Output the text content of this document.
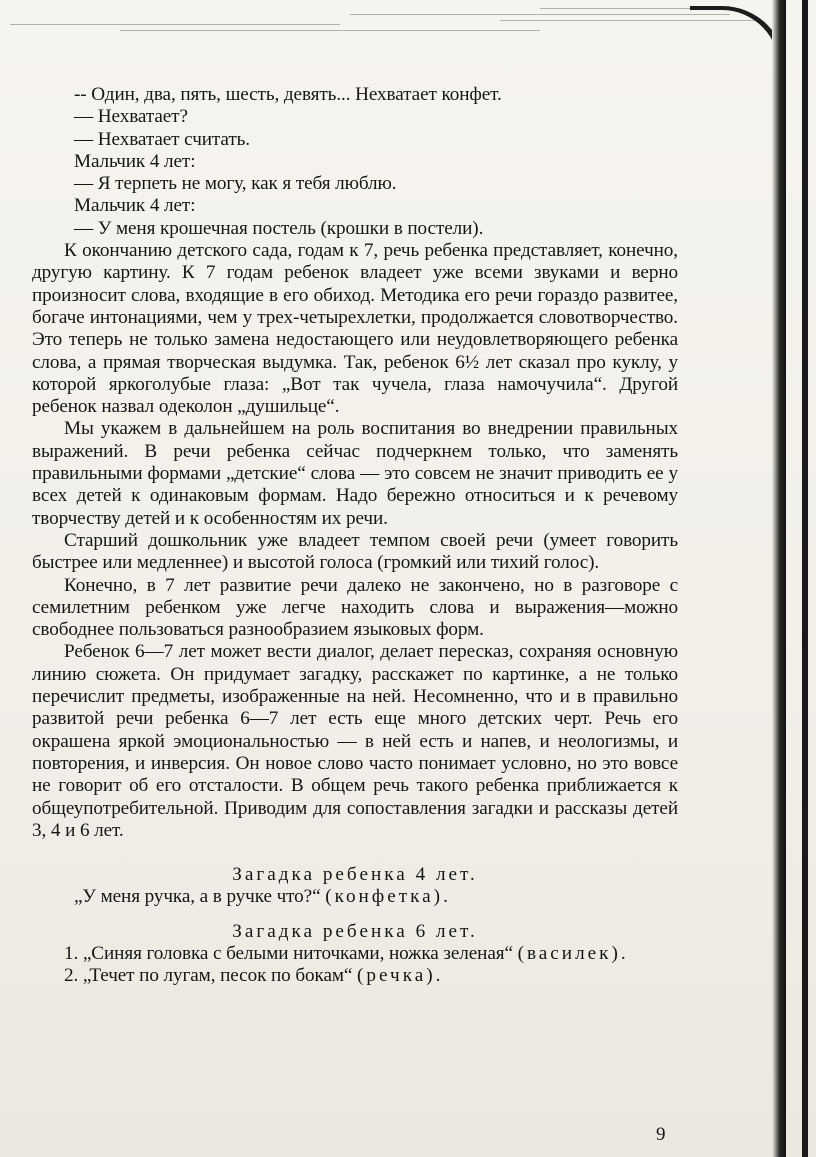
-- Один, два, пять, шесть, девять... Нехватает конфет.

— Нехватает?

— Нехватает считать.

Мальчик 4 лет:

— Я терпеть не могу, как я тебя люблю.

Мальчик 4 лет:

— У меня крошечная постель (крошки в постели).

К окончанию детского сада, годам к 7, речь ребенка представляет, конечно, другую картину. К 7 годам ребенок владеет уже всеми звуками и верно произносит слова, входящие в его обиход. Методика его речи гораздо развитее, богаче интонациями, чем у трех-четырехлетки, продолжается словотворчество. Это теперь не только замена недостающего или неудовлетворяющего ребенка слова, а прямая творческая выдумка. Так, ребенок 6½ лет сказал про куклу, у которой яркоголубые глаза: „Вот так чучела, глаза намочучила“. Другой ребенок назвал одеколон „душильце“.

Мы укажем в дальнейшем на роль воспитания во внедрении правильных выражений. В речи ребенка сейчас подчеркнем только, что заменять правильными формами „детские“ слова — это совсем не значит приводить ее у всех детей к одинаковым формам. Надо бережно относиться и к речевому творчеству детей и к особенностям их речи.

Старший дошкольник уже владеет темпом своей речи (умеет говорить быстрее или медленнее) и высотой голоса (громкий или тихий голос).

Конечно, в 7 лет развитие речи далеко не закончено, но в разговоре с семилетним ребенком уже легче находить слова и выражения—можно свободнее пользоваться разнообразием языковых форм.

Ребенок 6—7 лет может вести диалог, делает пересказ, сохраняя основную линию сюжета. Он придумает загадку, расскажет по картинке, а не только перечислит предметы, изображенные на ней. Несомненно, что и в правильно развитой речи ребенка 6—7 лет есть еще много детских черт. Речь его окрашена яркой эмоциональностью — в ней есть и напев, и неологизмы, и повторения, и инверсия. Он новое слово часто понимает условно, но это вовсе не говорит об его отсталости. В общем речь такого ребенка приближается к общеупотребительной. Приводим для сопоставления загадки и рассказы детей 3, 4 и 6 лет.

Загадка ребенка 4 лет.

„У меня ручка, а в ручке что?“ (конфетка).

Загадка ребенка 6 лет.

1. „Синяя головка с белыми ниточками, ножка зеленая“ (василек).

2. „Течет по лугам, песок по бокам“ (речка).

9
